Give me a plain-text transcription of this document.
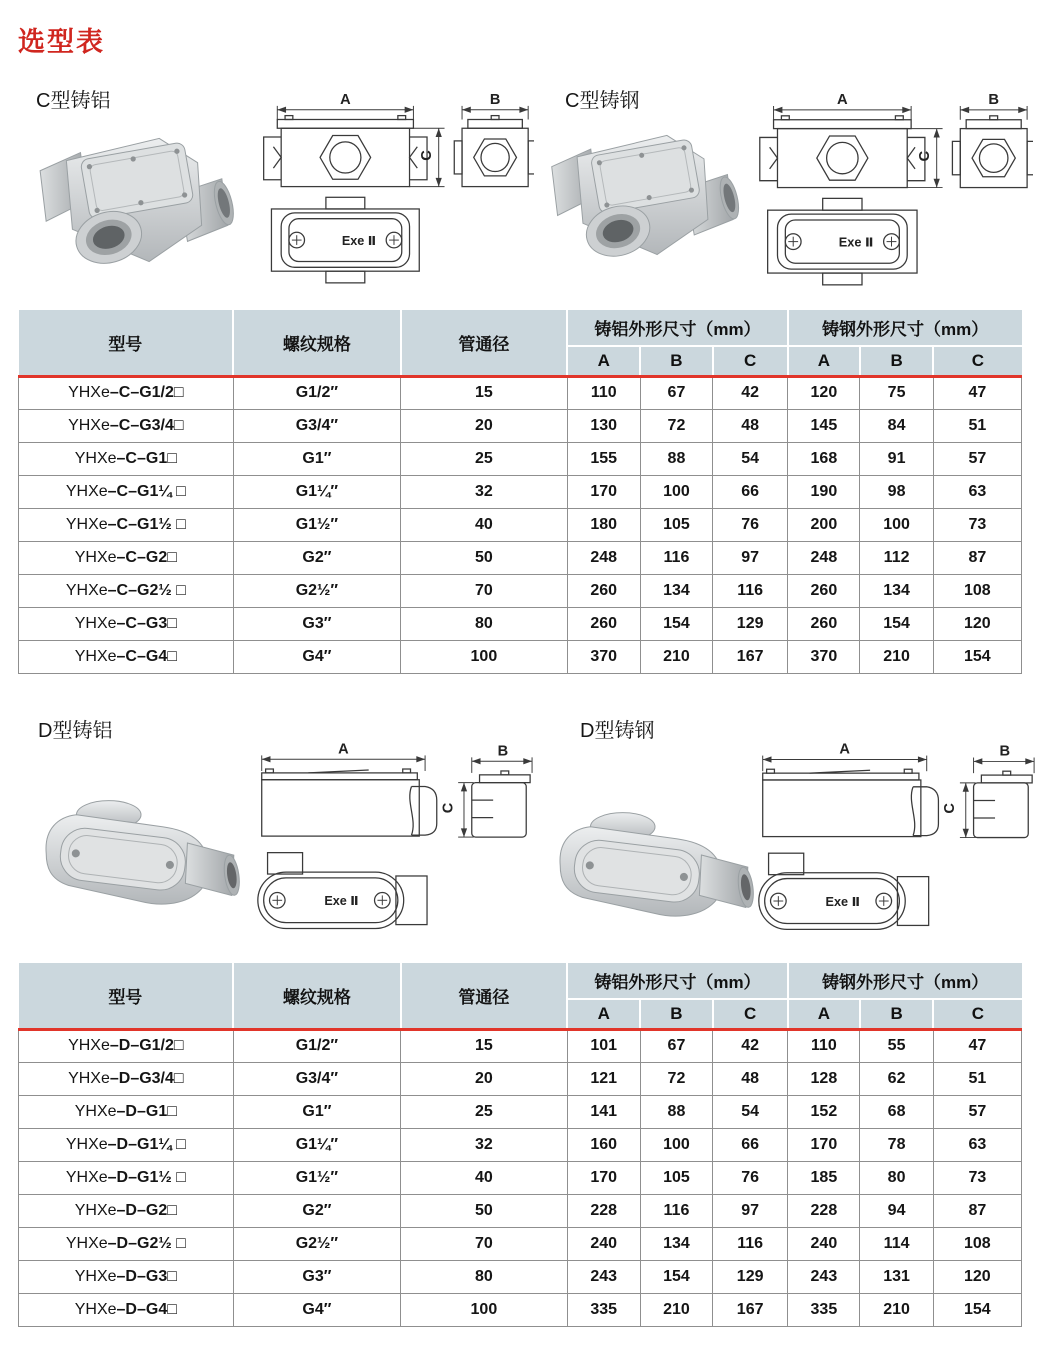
选型表
C型铸铝	C型铸钢
型号	螺纹规格	管通径	铸铝外形尺寸（mm）			铸钢外形尺寸（mm）		
			A	B	C	A	B	C
YHXe–C–G1/2□	G1/2″	15	110	67	42	120	75	47
YHXe–C–G3/4□	G3/4″	20	130	72	48	145	84	51
YHXe–C–G1□	G1″	25	155	88	54	168	91	57
YHXe–C–G1¼ □	G1¼″	32	170	100	66	190	98	63
YHXe–C–G1½ □	G1½″	40	180	105	76	200	100	73
YHXe–C–G2□	G2″	50	248	116	97	248	112	87
YHXe–C–G2½ □	G2½″	70	260	134	116	260	134	108
YHXe–C–G3□	G3″	80	260	154	129	260	154	120
YHXe–C–G4□	G4″	100	370	210	167	370	210	154
D型铸铝	D型铸钢
型号	螺纹规格	管通径	铸铝外形尺寸（mm）			铸钢外形尺寸（mm）		
			A	B	C	A	B	C
YHXe–D–G1/2□	G1/2″	15	101	67	42	110	55	47
YHXe–D–G3/4□	G3/4″	20	121	72	48	128	62	51
YHXe–D–G1□	G1″	25	141	88	54	152	68	57
YHXe–D–G1¼ □	G1¼″	32	160	100	66	170	78	63
YHXe–D–G1½ □	G1½″	40	170	105	76	185	80	73
YHXe–D–G2□	G2″	50	228	116	97	228	94	87
YHXe–D–G2½ □	G2½″	70	240	134	116	240	114	108
YHXe–D–G3□	G3″	80	243	154	129	243	131	120
YHXe–D–G4□	G4″	100	335	210	167	335	210	154
